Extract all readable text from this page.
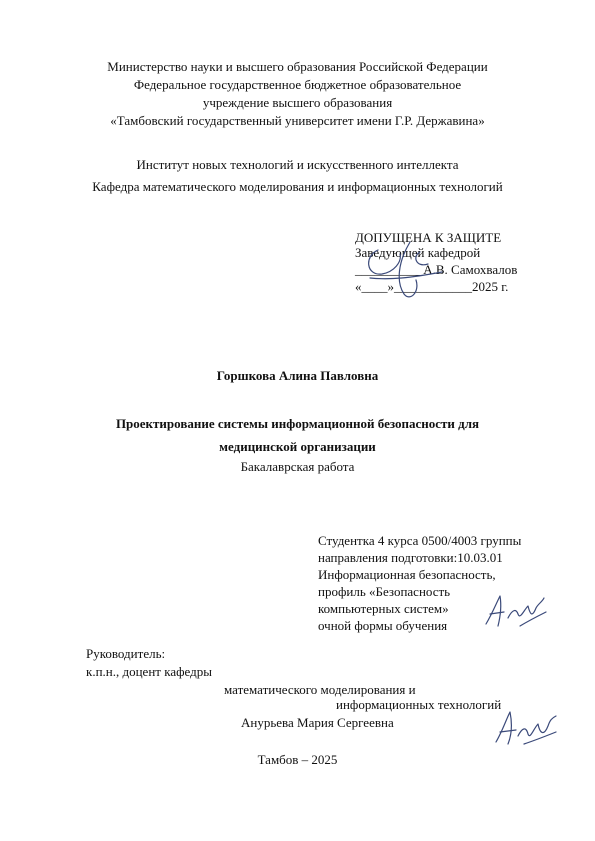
Министерство науки и высшего образования Российской Федерации
Федеральное государственное бюджетное образовательное
учреждение высшего образования
«Тамбовский государственный университет имени Г.Р. Державина»
Институт новых технологий и искусственного интеллекта
Кафедра математического моделирования и информационных технологий
ДОПУЩЕНА К ЗАЩИТЕ
Заведующей кафедрой
__________ А.В. Самохвалов
«____»____________2025 г.
Горшкова Алина Павловна
Проектирование системы информационной безопасности для
медицинской организации
Бакалаврская работа
Студентка 4 курса 0500/4003 группы
направления подготовки:10.03.01
Информационная безопасность,
профиль «Безопасность
компьютерных систем»
очной формы обучения
Руководитель:
к.п.н., доцент кафедры
математического моделирования и
информационных технологий
Анурьева Мария Сергеевна
Тамбов – 2025
